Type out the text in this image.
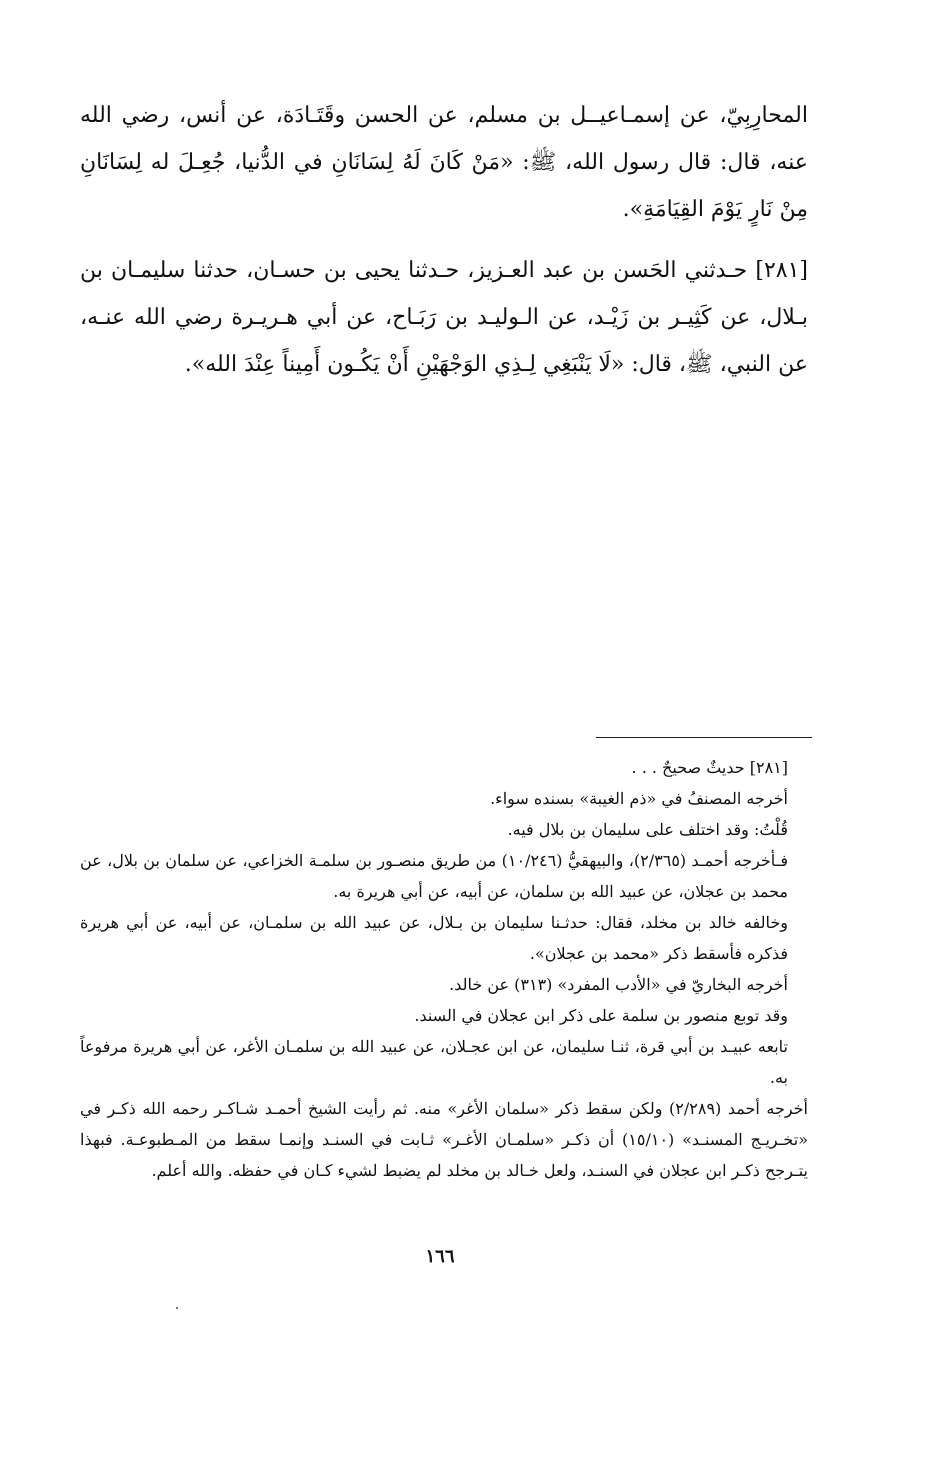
المحارِبِيّ، عن إسمـاعيــل بن مسلم، عن الحسن وقَتَـادَة، عن أنس، رضي الله عنه، قال: قال رسول الله، ﷺ: «مَنْ كَانَ لَهُ لِسَانَانِ في الدُّنيا، جُعِـلَ له لِسَانَانِ مِنْ نَارٍ يَوْمَ القِيَامَةِ».

[٢٨١] حـدثني الحَسن بن عبد العـزيز، حـدثنا يحيى بن حسـان، حدثنا سليمـان بن بـلال، عن كَثِيـر بن زَيْـد، عن الـوليـد بن رَبَـاح، عن أبي هـريـرة رضي الله عنـه، عن النبي، ﷺ، قال: «لَا يَنْبَغِي لِـذِي الوَجْهَيْنِ أَنْ يَكُـون أَمِيناً عِنْدَ الله».

[٢٨١] حديثٌ صحيحٌ . . .

أخرجه المصنفُ في «ذم الغيبة» بسنده سواء.

قُلْتُ: وقد اختلف على سليمان بن بلال فيه.

فـأخرجه أحمـد (٢/٣٦٥)، والبيهقيُّ (١٠/٢٤٦) من طريق منصـور بن سلمـة الخزاعي، عن سلمان بن بلال، عن محمد بن عجلان، عن عبيد الله بن سلمان، عن أبيه، عن أبي هريرة به.

وخالفه خالد بن مخلد، فقال: حدثـنا سليمان بن بـلال، عن عبيد الله بن سلمـان، عن أبيه، عن أبي هريرة فذكره فأسقط ذكر «محمد بن عجلان».

أخرجه البخاريّ في «الأدب المفرد» (٣١٣) عن خالد.

وقد توبع منصور بن سلمة على ذكر ابن عجلان في السند.

تابعه عبيـد بن أبي قرة، ثنـا سليمان، عن ابن عجـلان، عن عبيد الله بن سلمـان الأغر، عن أبي هريرة مرفوعاً به.

أخرجه أحمد (٢/٢٨٩) ولكن سقط ذكر «سلمان الأغر» منه. ثم رأيت الشيخ أحمـد شـاكـر رحمه الله ذكـر في «تخـريـج المسنـد» (١٥/١٠) أن ذكـر «سلمـان الأغـر» ثـابت في السنـد وإنمـا سقط من المـطبوعـة. فبهذا يتـرجح ذكـر ابن عجلان في السنـد، ولعل خـالد بن مخلد لم يضبط لشيء كـان في حفظه. والله أعلم.

١٦٦
